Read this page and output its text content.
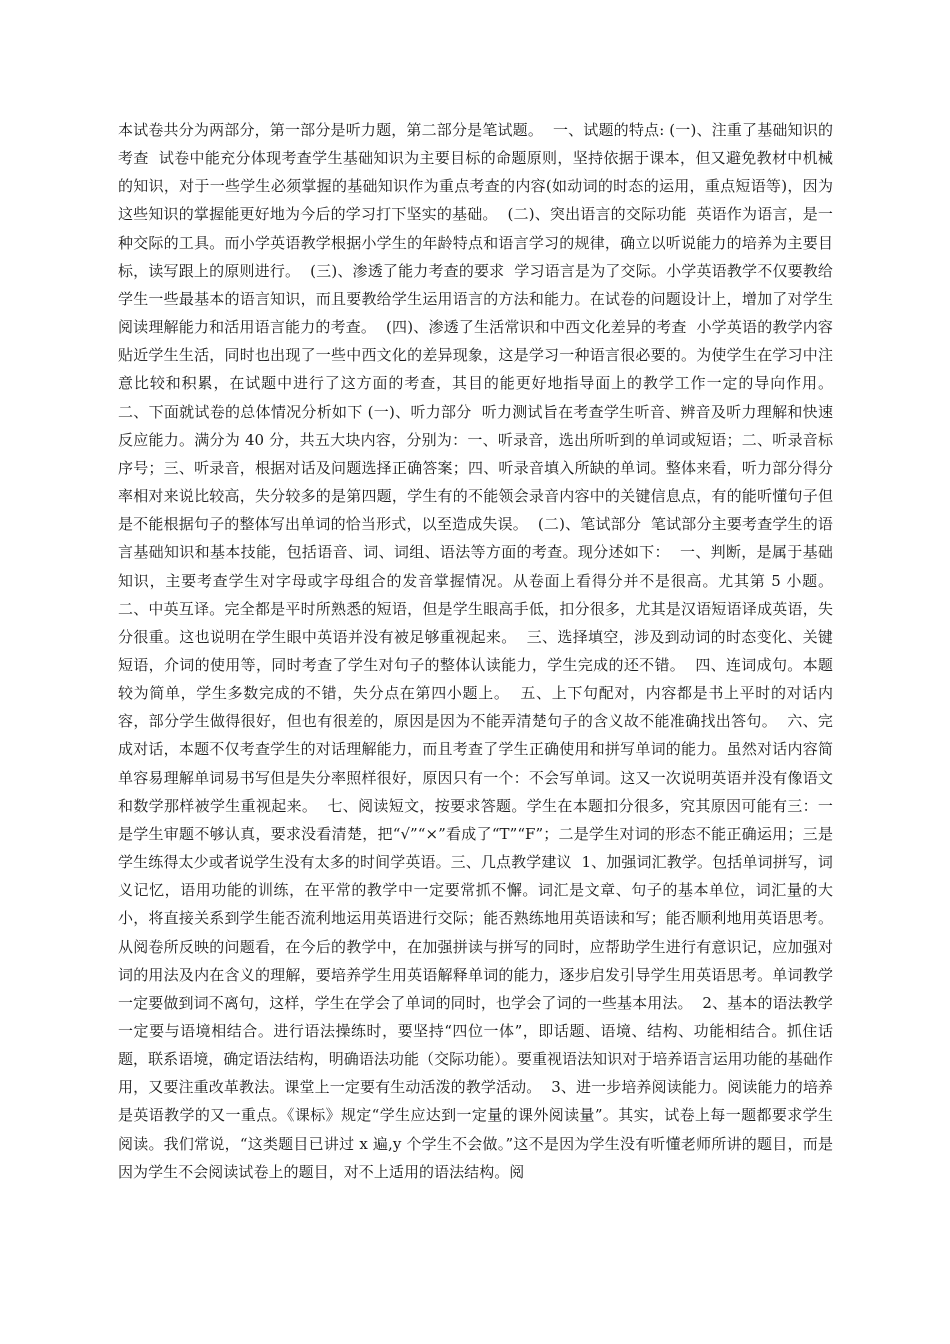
本试卷共分为两部分，第一部分是听力题，第二部分是笔试题。  一、试题的特点: (一)、注重了基础知识的考查  试卷中能充分体现考查学生基础知识为主要目标的命题原则，坚持依据于课本，但又避免教材中机械的知识，对于一些学生必须掌握的基础知识作为重点考查的内容(如动词的时态的运用，重点短语等)，因为这些知识的掌握能更好地为今后的学习打下坚实的基础。  (二)、突出语言的交际功能  英语作为语言，是一种交际的工具。而小学英语教学根据小学生的年龄特点和语言学习的规律，确立以听说能力的培养为主要目标，读写跟上的原则进行。  (三)、渗透了能力考查的要求  学习语言是为了交际。小学英语教学不仅要教给学生一些最基本的语言知识，而且要教给学生运用语言的方法和能力。在试卷的问题设计上，增加了对学生阅读理解能力和活用语言能力的考查。  (四)、渗透了生活常识和中西文化差异的考查  小学英语的教学内容贴近学生生活，同时也出现了一些中西文化的差异现象，这是学习一种语言很必要的。为使学生在学习中注意比较和积累，在试题中进行了这方面的考查，其目的能更好地指导面上的教学工作一定的导向作用。  二、下面就试卷的总体情况分析如下 (一)、听力部分  听力测试旨在考查学生听音、辨音及听力理解和快速反应能力。满分为 40 分，共五大块内容，分别为：一、听录音，选出所听到的单词或短语；二、听录音标序号；三、听录音，根据对话及问题选择正确答案；四、听录音填入所缺的单词。整体来看，听力部分得分率相对来说比较高，失分较多的是第四题，学生有的不能领会录音内容中的关键信息点，有的能听懂句子但是不能根据句子的整体写出单词的恰当形式，以至造成失误。  (二)、笔试部分  笔试部分主要考查学生的语言基础知识和基本技能，包括语音、词、词组、语法等方面的考查。现分述如下：  一、判断，是属于基础知识，主要考查学生对字母或字母组合的发音掌握情况。从卷面上看得分并不是很高。尤其第 5 小题。  二、中英互译。完全都是平时所熟悉的短语，但是学生眼高手低，扣分很多，尤其是汉语短语译成英语，失分很重。这也说明在学生眼中英语并没有被足够重视起来。  三、选择填空，涉及到动词的时态变化、关键短语，介词的使用等，同时考查了学生对句子的整体认读能力，学生完成的还不错。  四、连词成句。本题较为简单，学生多数完成的不错，失分点在第四小题上。  五、上下句配对，内容都是书上平时的对话内容，部分学生做得很好，但也有很差的，原因是因为不能弄清楚句子的含义故不能准确找出答句。  六、完成对话，本题不仅考查学生的对话理解能力，而且考查了学生正确使用和拼写单词的能力。虽然对话内容简单容易理解单词易书写但是失分率照样很好，原因只有一个：不会写单词。这又一次说明英语并没有像语文和数学那样被学生重视起来。  七、阅读短文，按要求答题。学生在本题扣分很多，究其原因可能有三：一是学生审题不够认真，要求没看清楚，把“√”“×”看成了“T”“F”；二是学生对词的形态不能正确运用；三是学生练得太少或者说学生没有太多的时间学英语。三、几点教学建议  1、加强词汇教学。包括单词拼写，词义记忆，语用功能的训练，在平常的教学中一定要常抓不懈。词汇是文章、句子的基本单位，词汇量的大小，将直接关系到学生能否流利地运用英语进行交际；能否熟练地用英语读和写；能否顺利地用英语思考。从阅卷所反映的问题看，在今后的教学中，在加强拼读与拼写的同时，应帮助学生进行有意识记，应加强对词的用法及内在含义的理解，要培养学生用英语解释单词的能力，逐步启发引导学生用英语思考。单词教学一定要做到词不离句，这样，学生在学会了单词的同时，也学会了词的一些基本用法。  2、基本的语法教学一定要与语境相结合。进行语法操练时，要坚持“四位一体”，即话题、语境、结构、功能相结合。抓住话题，联系语境，确定语法结构，明确语法功能（交际功能）。要重视语法知识对于培养语言运用功能的基础作用，又要注重改革教法。课堂上一定要有生动活泼的教学活动。  3、进一步培养阅读能力。阅读能力的培养是英语教学的又一重点。《课标》规定“学生应达到一定量的课外阅读量”。其实，试卷上每一题都要求学生阅读。我们常说，“这类题目已讲过 x 遍,y 个学生不会做。”这不是因为学生没有听懂老师所讲的题目，而是因为学生不会阅读试卷上的题目，对不上适用的语法结构。阅
